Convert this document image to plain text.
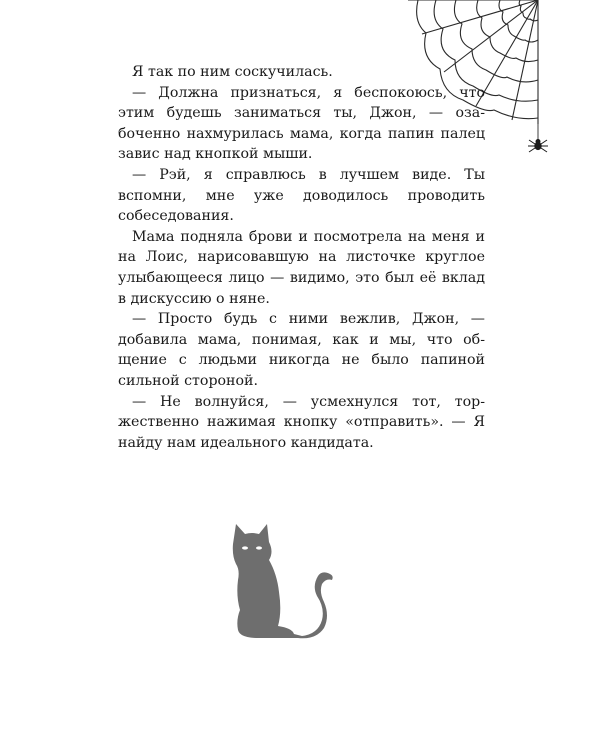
Я так по ним соскучилась.

— Должна признаться, я беспокоюсь, что этим будешь заниматься ты, Джон, — озабоченно нахмурилась мама, когда папин палец завис над кнопкой мыши.

— Рэй, я справлюсь в лучшем виде. Ты вспомни, мне уже доводилось проводить собеседования.

Мама подняла брови и посмотрела на меня и на Лоис, нарисовавшую на листочке круглое улыбающееся лицо — видимо, это был её вклад в дискуссию о няне.

— Просто будь с ними вежлив, Джон, — добавила мама, понимая, как и мы, что общение с людьми никогда не было папиной сильной стороной.

— Не волнуйся, — усмехнулся тот, торжественно нажимая кнопку «отправить». — Я найду нам идеального кандидата.
